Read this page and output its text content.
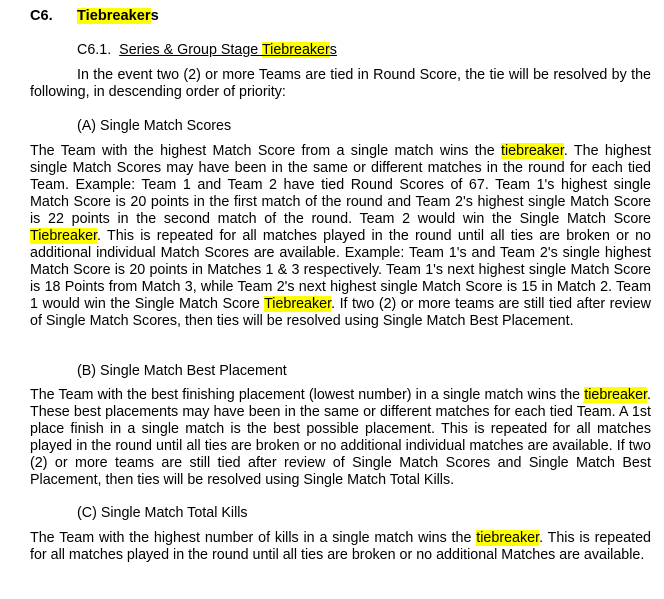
C6. Tiebreakers
C6.1. Series & Group Stage Tiebreakers

In the event two (2) or more Teams are tied in Round Score, the tie will be resolved by the following, in descending order of priority:

(A) Single Match Scores

The Team with the highest Match Score from a single match wins the tiebreaker. The highest single Match Scores may have been in the same or different matches in the round for each tied Team. Example: Team 1 and Team 2 have tied Round Scores of 67. Team 1's highest single Match Score is 20 points in the first match of the round and Team 2's highest single Match Score is 22 points in the second match of the round. Team 2 would win the Single Match Score Tiebreaker. This is repeated for all matches played in the round until all ties are broken or no additional individual Match Scores are available. Example: Team 1's and Team 2's single highest Match Score is 20 points in Matches 1 & 3 respectively. Team 1's next highest single Match Score is 18 Points from Match 3, while Team 2's next highest single Match Score is 15 in Match 2. Team 1 would win the Single Match Score Tiebreaker. If two (2) or more teams are still tied after review of Single Match Scores, then ties will be resolved using Single Match Best Placement.

(B) Single Match Best Placement

The Team with the best finishing placement (lowest number) in a single match wins the tiebreaker. These best placements may have been in the same or different matches for each tied Team. A 1st place finish in a single match is the best possible placement. This is repeated for all matches played in the round until all ties are broken or no additional individual matches are available. If two (2) or more teams are still tied after review of Single Match Scores and Single Match Best Placement, then ties will be resolved using Single Match Total Kills.

(C) Single Match Total Kills

The Team with the highest number of kills in a single match wins the tiebreaker. This is repeated for all matches played in the round until all ties are broken or no additional Matches are available.
